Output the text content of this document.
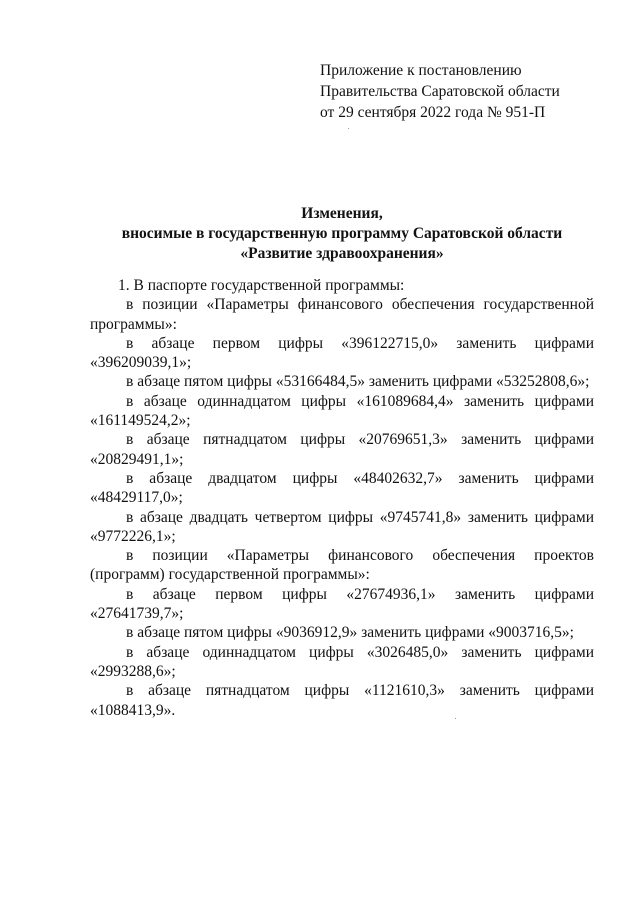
Приложение к постановлению
Правительства Саратовской области
от 29 сентября 2022 года № 951-П
Изменения,
вносимые в государственную программу Саратовской области
«Развитие здравоохранения»

1. В паспорте государственной программы:

в позиции «Параметры финансового обеспечения государственной программы»:

в абзаце первом цифры «396122715,0» заменить цифрами «396209039,1»;

в абзаце пятом цифры «53166484,5» заменить цифрами «53252808,6»;

в абзаце одиннадцатом цифры «161089684,4» заменить цифрами «161149524,2»;

в абзаце пятнадцатом цифры «20769651,3» заменить цифрами «20829491,1»;

в абзаце двадцатом цифры «48402632,7» заменить цифрами «48429117,0»;

в абзаце двадцать четвертом цифры «9745741,8» заменить цифрами «9772226,1»;

в позиции «Параметры финансового обеспечения проектов (программ) государственной программы»:

в абзаце первом цифры «27674936,1» заменить цифрами «27641739,7»;

в абзаце пятом цифры «9036912,9» заменить цифрами «9003716,5»;

в абзаце одиннадцатом цифры «3026485,0» заменить цифрами «2993288,6»;

в абзаце пятнадцатом цифры «1121610,3» заменить цифрами «1088413,9».
